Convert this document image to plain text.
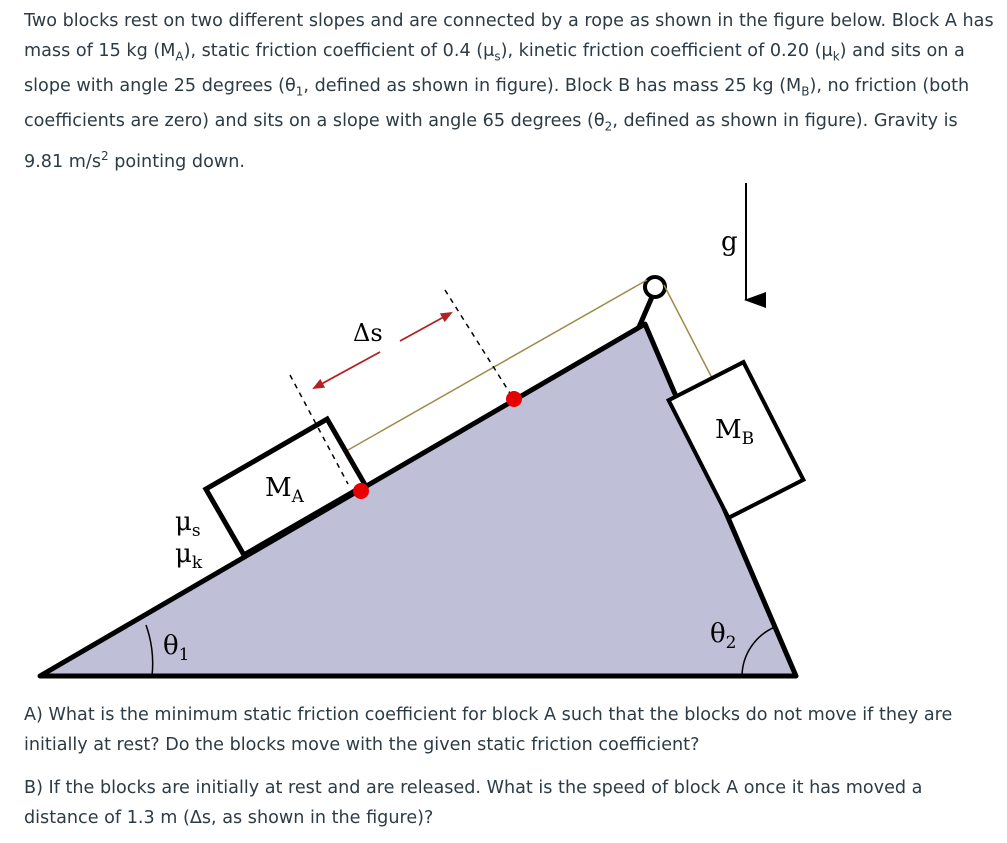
Two blocks rest on two different slopes and are connected by a rope as shown in the figure below. Block A has mass of 15 kg $(M_A)$, static friction coefficient of 0.4 $(\mu_s)$, kinetic friction coefficient of 0.20 $(\mu_k)$ and sits on a slope with angle 25 degrees ($\theta_1$, defined as shown in figure). Block B has mass 25 kg $(M_B)$, no friction (both coefficients are zero) and sits on a slope with angle 65 degrees ($\theta_2$, defined as shown in figure). Gravity is 9.81 $m/s^2$ pointing down.

$M_A$
$M_B$
Δs
g
$\mu_s$
$\mu_k$
$\theta_1$
$\theta_2$

A) What is the minimum static friction coefficient for block A such that the blocks do not move if they are initially at rest? Do the blocks move with the given static friction coefficient?

B) If the blocks are initially at rest and are released. What is the speed of block A once it has moved a distance of 1.3 m (Δs, as shown in the figure)?
